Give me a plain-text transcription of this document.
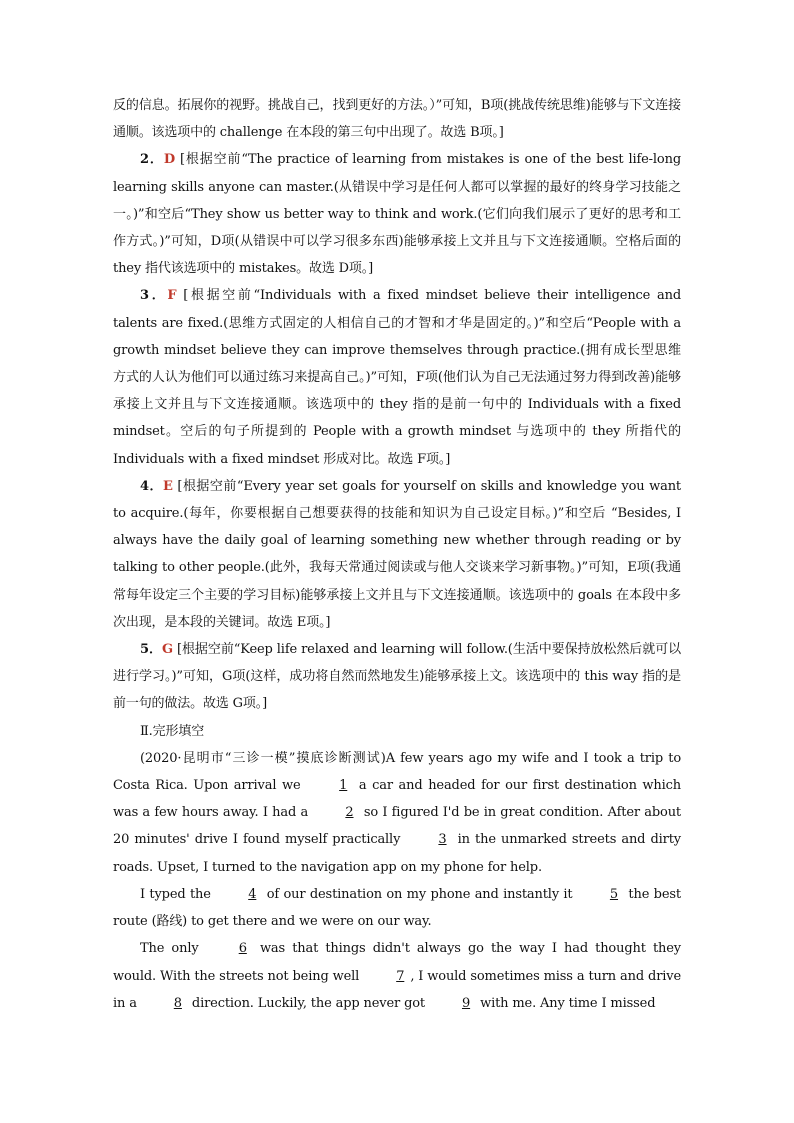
反的信息。拓展你的视野。挑战自己，找到更好的方法。）”可知，B项(挑战传统思维)能够与下文连接通顺。该选项中的 challenge 在本段的第三句中出现了。故选 B项。]

2．D [根据空前“The practice of learning from mistakes is one of the best life-long learning skills anyone can master.(从错误中学习是任何人都可以掌握的最好的终身学习技能之一。)”和空后“They show us better way to think and work.(它们向我们展示了更好的思考和工作方式。)”可知，D项(从错误中可以学习很多东西)能够承接上文并且与下文连接通顺。空格后面的 they 指代该选项中的 mistakes。故选 D项。]

3．F [根据空前“Individuals with a fixed mindset believe their intelligence and talents are fixed.(思维方式固定的人相信自己的才智和才华是固定的。)”和空后“People with a growth mindset believe they can improve themselves through practice.(拥有成长型思维方式的人认为他们可以通过练习来提高自己。)”可知，F项(他们认为自己无法通过努力得到改善)能够承接上文并且与下文连接通顺。该选项中的 they 指的是前一句中的 Individuals with a fixed mindset。空后的句子所提到的 People with a growth mindset 与选项中的 they 所指代的 Individuals with a fixed mindset 形成对比。故选 F项。]

4．E [根据空前“Every year set goals for yourself on skills and knowledge you want to acquire.(每年，你要根据自己想要获得的技能和知识为自己设定目标。)”和空后 “Besides, I always have the daily goal of learning something new whether through reading or by talking to other people.(此外，我每天常通过阅读或与他人交谈来学习新事物。)”可知，E项(我通常每年设定三个主要的学习目标)能够承接上文并且与下文连接通顺。该选项中的 goals 在本段中多次出现，是本段的关键词。故选 E项。]

5．G [根据空前“Keep life relaxed and learning will follow.(生活中要保持放松然后就可以进行学习。)”可知，G项(这样，成功将自然而然地发生)能够承接上文。该选项中的 this way 指的是前一句的做法。故选 G项。]

Ⅱ.完形填空

(2020·昆明市“三诊一模”摸底诊断测试)A few years ago my wife and I took a trip to Costa Rica. Upon arrival we	1 a car and headed for our first destination which was a few hours away. I had a	2 so I figured I'd be in great condition. After about 20 minutes' drive I found myself practically	3 in the unmarked streets and dirty roads. Upset, I turned to the navigation app on my phone for help.

I typed the	4 of our destination on my phone and instantly it	5 the best route (路线) to get there and we were on our way.

The only	6 was that things didn't always go the way I had thought they would. With the streets not being well	7 , I would sometimes miss a turn and drive in a	8 direction. Luckily, the app never got	9 with me. Any time I missed
